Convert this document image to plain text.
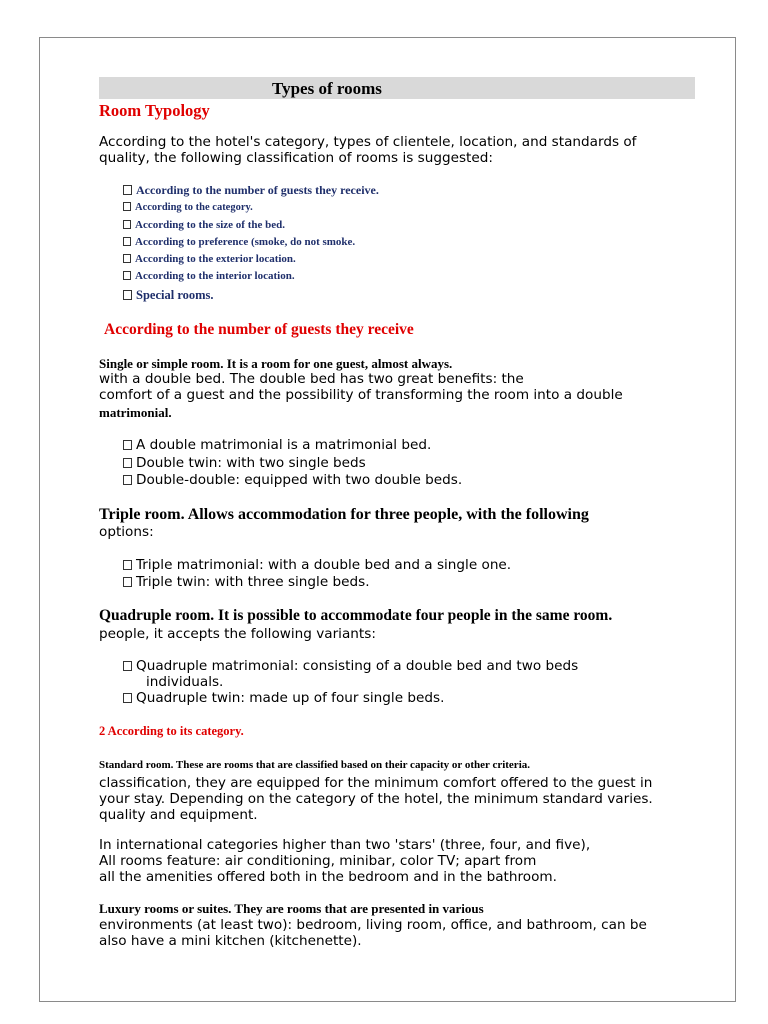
Types of rooms
Room Typology
According to the hotel's category, types of clientele, location, and standards of
quality, the following classification of rooms is suggested:
According to the number of guests they receive.
According to the category.
According to the size of the bed.
According to preference (smoke, do not smoke.
According to the exterior location.
According to the interior location.
Special rooms.
According to the number of guests they receive
Single or simple room. It is a room for one guest, almost always.
with a double bed. The double bed has two great benefits: the
comfort of a guest and the possibility of transforming the room into a double
matrimonial.
A double matrimonial is a matrimonial bed.
Double twin: with two single beds
Double-double: equipped with two double beds.
Triple room. Allows accommodation for three people, with the following
options:
Triple matrimonial: with a double bed and a single one.
Triple twin: with three single beds.
Quadruple room. It is possible to accommodate four people in the same room.
people, it accepts the following variants:
Quadruple matrimonial: consisting of a double bed and two beds
individuals.
Quadruple twin: made up of four single beds.
2 According to its category.
Standard room. These are rooms that are classified based on their capacity or other criteria.
classification, they are equipped for the minimum comfort offered to the guest in
your stay. Depending on the category of the hotel, the minimum standard varies.
quality and equipment.
In international categories higher than two 'stars' (three, four, and five),
All rooms feature: air conditioning, minibar, color TV; apart from
all the amenities offered both in the bedroom and in the bathroom.
Luxury rooms or suites. They are rooms that are presented in various
environments (at least two): bedroom, living room, office, and bathroom, can be
also have a mini kitchen (kitchenette).
